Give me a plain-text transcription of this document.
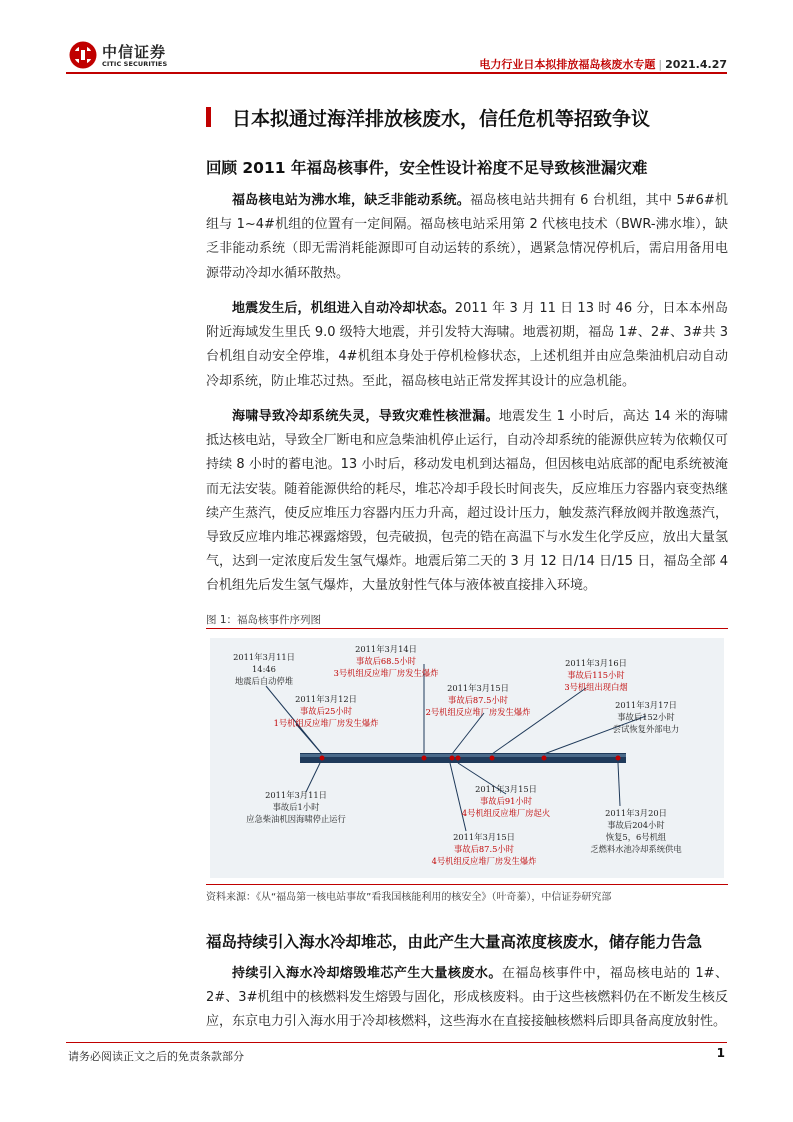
中信证券
CITIC SECURITIES	电力行业日本拟排放福岛核废水专题 | 2021.4.27
日本拟通过海洋排放核废水，信任危机等招致争议
回顾 2011 年福岛核事件，安全性设计裕度不足导致核泄漏灾难
福岛核电站为沸水堆，缺乏非能动系统。福岛核电站共拥有 6 台机组，其中 5#6#机组与 1~4#机组的位置有一定间隔。福岛核电站采用第 2 代核电技术（BWR-沸水堆），缺乏非能动系统（即无需消耗能源即可自动运转的系统），遇紧急情况停机后，需启用备用电源带动冷却水循环散热。
地震发生后，机组进入自动冷却状态。2011 年 3 月 11 日 13 时 46 分，日本本州岛附近海域发生里氏 9.0 级特大地震，并引发特大海啸。地震初期，福岛 1#、2#、3#共 3 台机组自动安全停堆，4#机组本身处于停机检修状态，上述机组并由应急柴油机启动自动冷却系统，防止堆芯过热。至此，福岛核电站正常发挥其设计的应急机能。
海啸导致冷却系统失灵，导致灾难性核泄漏。地震发生 1 小时后，高达 14 米的海啸抵达核电站，导致全厂断电和应急柴油机停止运行，自动冷却系统的能源供应转为依赖仅可持续 8 小时的蓄电池。13 小时后，移动发电机到达福岛，但因核电站底部的配电系统被淹而无法安装。随着能源供给的耗尽，堆芯冷却手段长时间丧失，反应堆压力容器内衰变热继续产生蒸汽，使反应堆压力容器内压力升高，超过设计压力，触发蒸汽释放阀并散逸蒸汽，导致反应堆内堆芯裸露熔毁，包壳破损，包壳的锆在高温下与水发生化学反应，放出大量氢气，达到一定浓度后发生氢气爆炸。地震后第二天的 3 月 12 日/14 日/15 日，福岛全部 4 台机组先后发生氢气爆炸，大量放射性气体与液体被直接排入环境。
图 1：福岛核事件序列图
2011年3月11日
14:46
地震后自动停堆
2011年3月12日
事故后25小时
1号机组反应堆厂房发生爆炸
2011年3月14日
事故后68.5小时
3号机组反应堆厂房发生爆炸
2011年3月15日
事故后87.5小时
2号机组反应堆厂房发生爆炸
2011年3月16日
事故后115小时
3号机组出现白烟
2011年3月17日
事故后152小时
尝试恢复外部电力
2011年3月11日
事故后1小时
应急柴油机因海啸停止运行
2011年3月15日
事故后91小时
4号机组反应堆厂房起火
2011年3月15日
事故后87.5小时
4号机组反应堆厂房发生爆炸
2011年3月20日
事故后204小时
恢复5，6号机组
乏燃料水池冷却系统供电
资料来源：《从“福岛第一核电站事故”看我国核能利用的核安全》（叶奇蓁），中信证券研究部
福岛持续引入海水冷却堆芯，由此产生大量高浓度核废水，储存能力告急
持续引入海水冷却熔毁堆芯产生大量核废水。在福岛核事件中，福岛核电站的 1#、2#、3#机组中的核燃料发生熔毁与固化，形成核废料。由于这些核燃料仍在不断发生核反应，东京电力引入海水用于冷却核燃料，这些海水在直接接触核燃料后即具备高度放射性。
请务必阅读正文之后的免责条款部分	1
